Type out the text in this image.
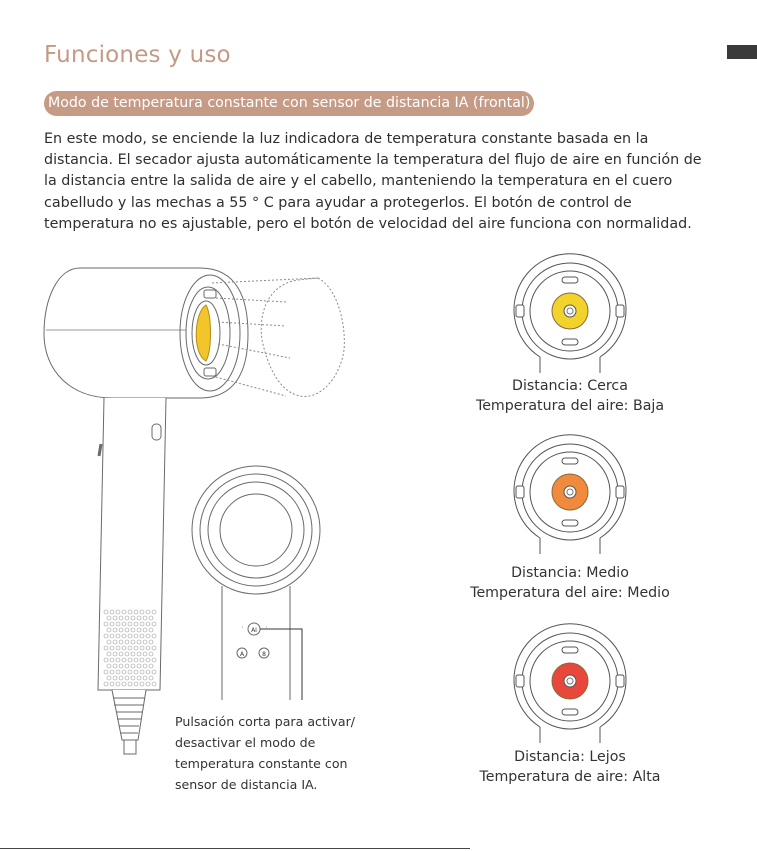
Funciones y uso
Modo de temperatura constante con sensor de distancia IA (frontal)

En este modo, se enciende la luz indicadora de temperatura constante basada en la distancia. El secador ajusta automáticamente la temperatura del flujo de aire en función de la distancia entre la salida de aire y el cabello, manteniendo la temperatura en el cuero cabelludo y las mechas a 55 ° C para ayudar a protegerlos. El botón de control de temperatura no es ajustable, pero el botón de velocidad del aire funciona con normalidad.

AI
A	8
Distancia: Cerca
Temperatura del aire: Baja
Distancia: Medio
Temperatura del aire: Medio
Distancia: Lejos
Temperatura de aire: Alta
Pulsación corta para activar/
desactivar el modo de
temperatura constante con
sensor de distancia IA.
